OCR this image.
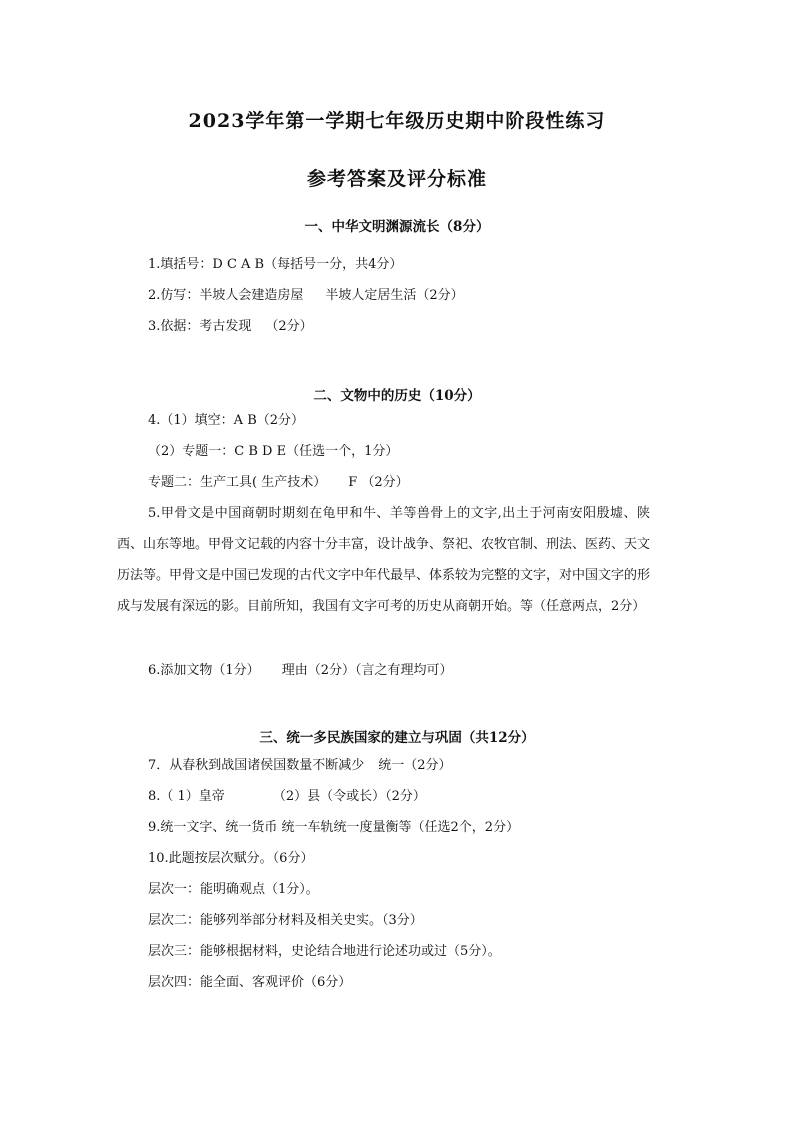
2023学年第一学期七年级历史期中阶段性练习
参考答案及评分标准
一、中华文明渊源流长（8分）
1.填括号：D C A B（每括号一分，共4分）
2.仿写：半坡人会建造房屋 半坡人定居生活（2分）
3.依据：考古发现 （2分）
二、文物中的历史（10分）
4.（1）填空：A B（2分）
（2）专题一：C B D E（任选一个，1分）
专题二：生产工具( 生产技术） F （2分）
5.甲骨文是中国商朝时期刻在龟甲和牛、羊等兽骨上的文字,出土于河南安阳殷墟、陕西、山东等地。甲骨文记载的内容十分丰富，设计战争、祭祀、农牧官制、刑法、医药、天文历法等。甲骨文是中国已发现的古代文字中年代最早、体系较为完整的文字，对中国文字的形成与发展有深远的影。目前所知，我国有文字可考的历史从商朝开始。等（任意两点，2分）
6.添加文物（1分） 理由（2分）（言之有理均可）
三、统一多民族国家的建立与巩固（共12分）
7．从春秋到战国诸侯国数量不断减少 统一（2分）
8.（ 1）皇帝	（2）县（令或长）（2分）
9.统一文字、统一货币 统一车轨统一度量衡等（任选2个，2分）
10.此题按层次赋分。（6分）
层次一：能明确观点（1分）。
层次二：能够列举部分材料及相关史实。（3分）
层次三：能够根据材料，史论结合地进行论述功或过（5分）。
层次四：能全面、客观评价（6分）
